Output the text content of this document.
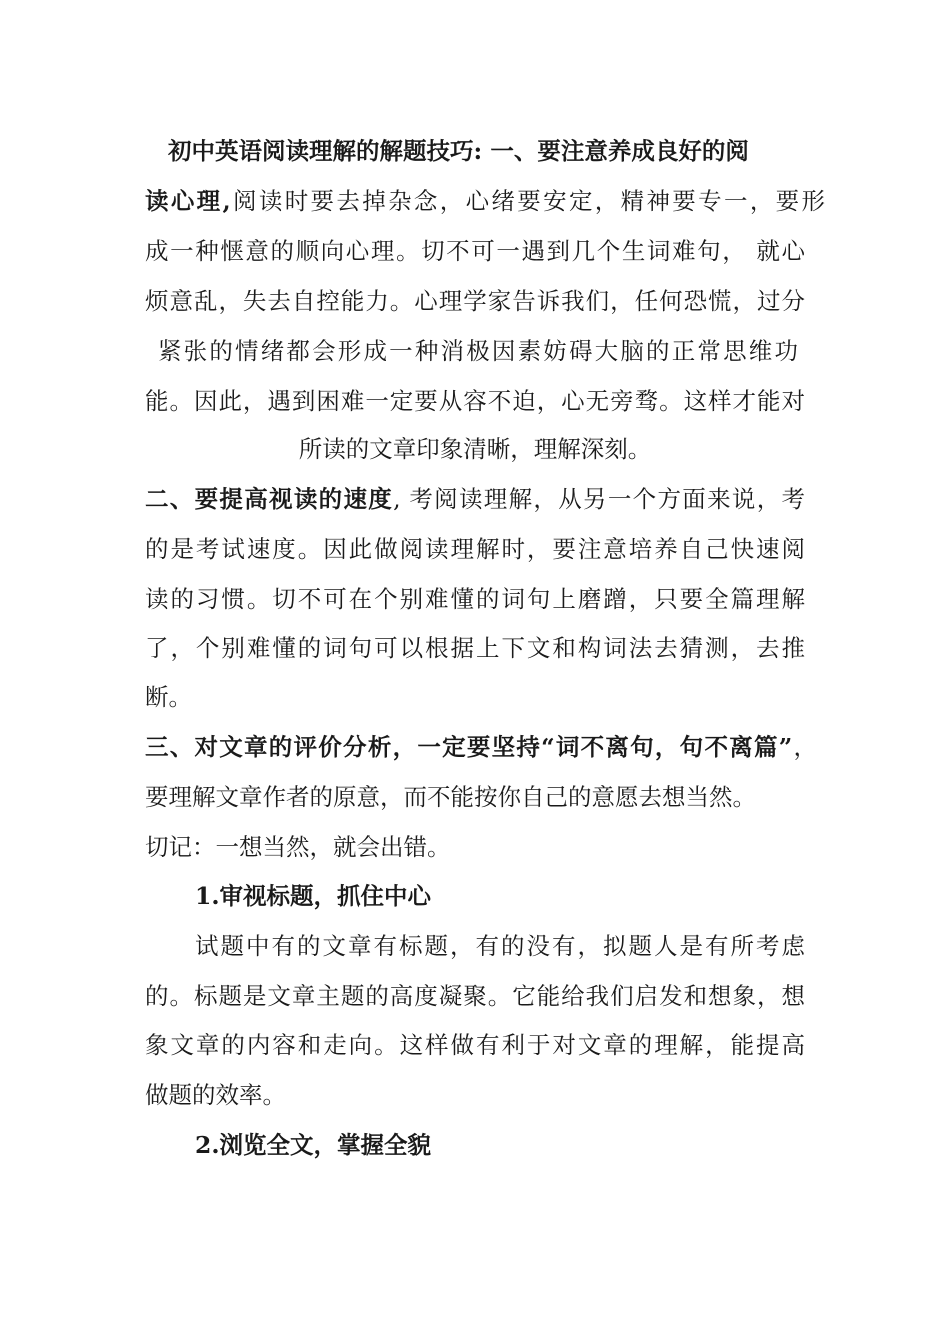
初中英语阅读理解的解题技巧: 一、要注意养成良好的阅
读心理,阅读时要去掉杂念，心绪要安定，精神要专一，要形
成一种惬意的顺向心理。切不可一遇到几个生词难句， 就心
烦意乱，失去自控能力。心理学家告诉我们，任何恐慌，过分
紧张的情绪都会形成一种消极因素妨碍大脑的正常思维功
能。因此，遇到困难一定要从容不迫，心无旁骛。这样才能对
所读的文章印象清晰，理解深刻。
二、要提高视读的速度, 考阅读理解，从另一个方面来说，考
的是考试速度。因此做阅读理解时，要注意培养自己快速阅
读的习惯。切不可在个别难懂的词句上磨蹭，只要全篇理解
了，个别难懂的词句可以根据上下文和构词法去猜测，去推
断。
三、对文章的评价分析，一定要坚持“词不离句，句不离篇”，
要理解文章作者的原意，而不能按你自己的意愿去想当然。
切记：一想当然，就会出错。
1.审视标题，抓住中心
试题中有的文章有标题，有的没有，拟题人是有所考虑
的。标题是文章主题的高度凝聚。它能给我们启发和想象，想
象文章的内容和走向。这样做有利于对文章的理解，能提高
做题的效率。
2.浏览全文，掌握全貌
